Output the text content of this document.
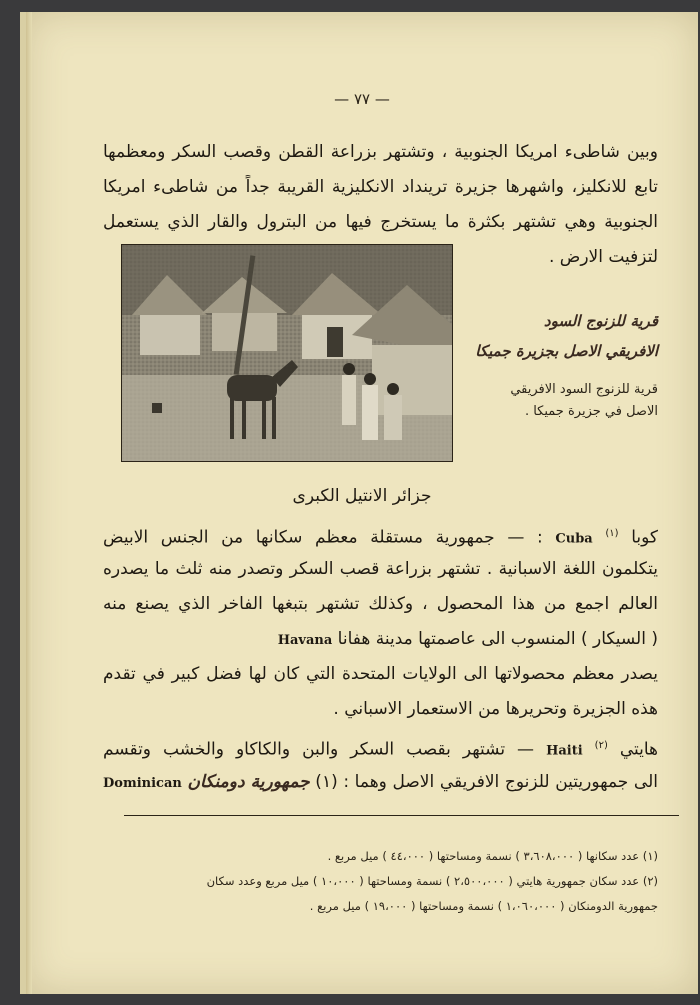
— ٧٧ —
وبين شاطىء امريكا الجنوبية ، وتشتهر بزراعة القطن وقصب السكر ومعظمها
تابع للانكليز، واشهرها جزيرة ترينداد الانكليزية القريبة جداً من شاطىء امريكا
الجنوبية وهي تشتهر بكثرة ما يستخرج فيها من البترول والقار الذي يستعمل
لتزفيت الارض .
قرية للزنوج السود
الافريقي الاصل بجزيرة جميكا
قرية للزنوج السود الافريقي
الاصل في جزيرة جميكا .
جزائر الانتيل الكبرى
كوبا $^{(١)}$ Cuba : — جمهورية مستقلة معظم سكانها من الجنس الابيض
يتكلمون اللغة الاسبانية . تشتهر بزراعة قصب السكر وتصدر منه ثلث ما يصدره
العالم اجمع من هذا المحصول ، وكذلك تشتهر بتبغها الفاخر الذي يصنع منه
( السيكار ) المنسوب الى عاصمتها مدينة هفانا Havana
يصدر معظم محصولاتها الى الولايات المتحدة التي كان لها فضل كبير في تقدم
هذه الجزيرة وتحريرها من الاستعمار الاسباني .
هايتي $^{(٢)}$ Haiti — تشتهر بقصب السكر والبن والكاكاو والخشب وتقسم
الى جمهوريتين للزنوج الافريقي الاصل وهما : (١) جمهورية دومنكان Dominican
(١) عدد سكانها ( ٣،٦٠٨،٠٠٠ ) نسمة ومساحتها ( ٤٤،٠٠٠ ) ميل مربع .
(٢) عدد سكان جمهورية هايتي ( ٢،٥٠٠،٠٠٠ ) نسمة ومساحتها ( ١٠،٠٠٠ ) ميل مربع وعدد سكان
جمهورية الدومنكان ( ١،٠٦٠،٠٠٠ ) نسمة ومساحتها ( ١٩،٠٠٠ ) ميل مربع .
